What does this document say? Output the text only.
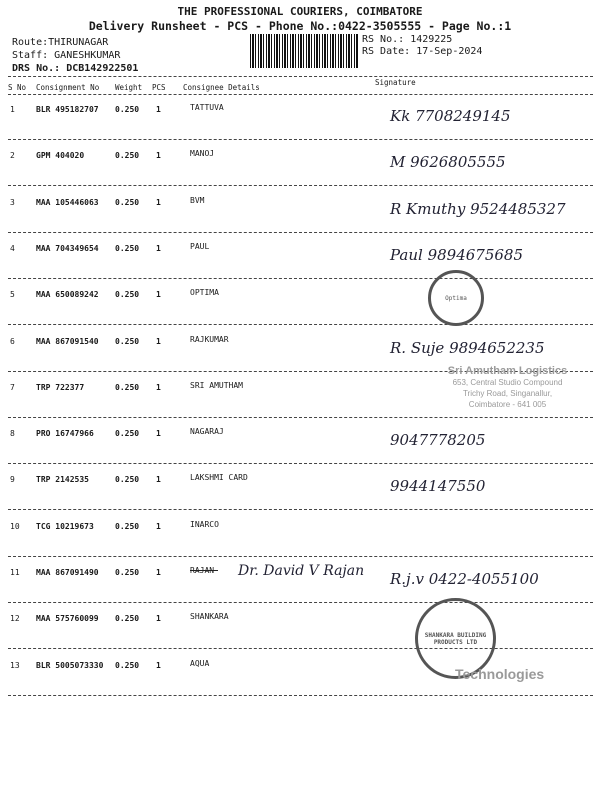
THE PROFESSIONAL COURIERS, COIMBATORE
Delivery Runsheet - PCS - Phone No.:0422-3505555 - Page No.:1
Route:THIRUNAGAR
Staff: GANESHKUMAR
DRS No.: DCB142922501
RS No.: 1429225
RS Date: 17-Sep-2024
S No Consignment No Weight PCS Consignee Details
Signature
1	BLR 495182707 0.250 1	TATTUVA	Kk 7708249145
2	GPM 404020	0.250 1	MANOJ	M 9626805555
3	MAA 105446063 0.250 1	BVM	R Kmuthy 9524485327
4	MAA 704349654 0.250 1	PAUL	Paul 9894675685
5	MAA 650089242 0.250 1	OPTIMA
6	MAA 867091540 0.250 1	RAJKUMAR	R. Suje 9894652235
7	TRP 722377	0.250 1	SRI AMUTHAM
8	PRO 16747966	0.250 1	NAGARAJ	9047778205
9	TRP 2142535	0.250 1	LAKSHMI CARD	9944147550
10 TCG 10219673	0.250 1	INARCO
11 MAA 867091490 0.250 1	RAJAN	R.j.v 0422-4055100
12 MAA 575760099 0.250 1	SHANKARA
13 BLR 5005073330 0.250 1	AQUA
Dr. David V Rajan
Optima
Sri Amutham Logistics
653, Central Studio Compound
Trichy Road, Singanallur,
Coimbatore - 641 005
SHANKARA BUILDING PRODUCTS LTD
Technologies
